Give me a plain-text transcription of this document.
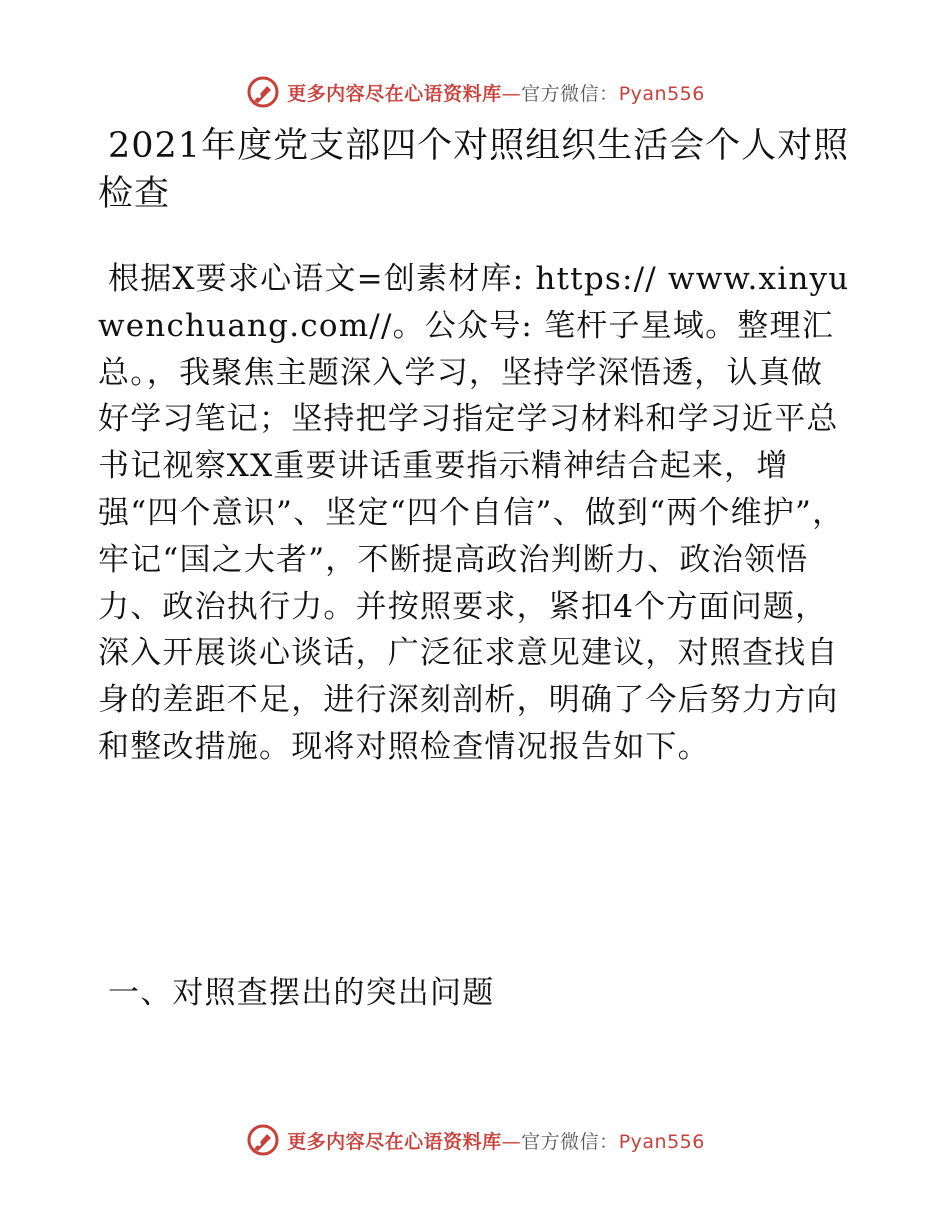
更多内容尽在心语资料库—官方微信：Pyan556
2021年度党支部四个对照组织生活会个人对照检查

根据X要求心语文=创素材库: https:// www.xinyuwenchuang.com//。公众号: 笔杆子星域。整理汇总。，我聚焦主题深入学习，坚持学深悟透，认真做好学习笔记；坚持把学习指定学习材料和学习近平总书记视察XX重要讲话重要指示精神结合起来，增强“四个意识”、坚定“四个自信”、做到“两个维护”，牢记“国之大者”，不断提高政治判断力、政治领悟力、政治执行力。并按照要求，紧扣4个方面问题，深入开展谈心谈话，广泛征求意见建议，对照查找自身的差距不足，进行深刻剖析，明确了今后努力方向和整改措施。现将对照检查情况报告如下。

一、对照查摆出的突出问题
更多内容尽在心语资料库—官方微信：Pyan556
